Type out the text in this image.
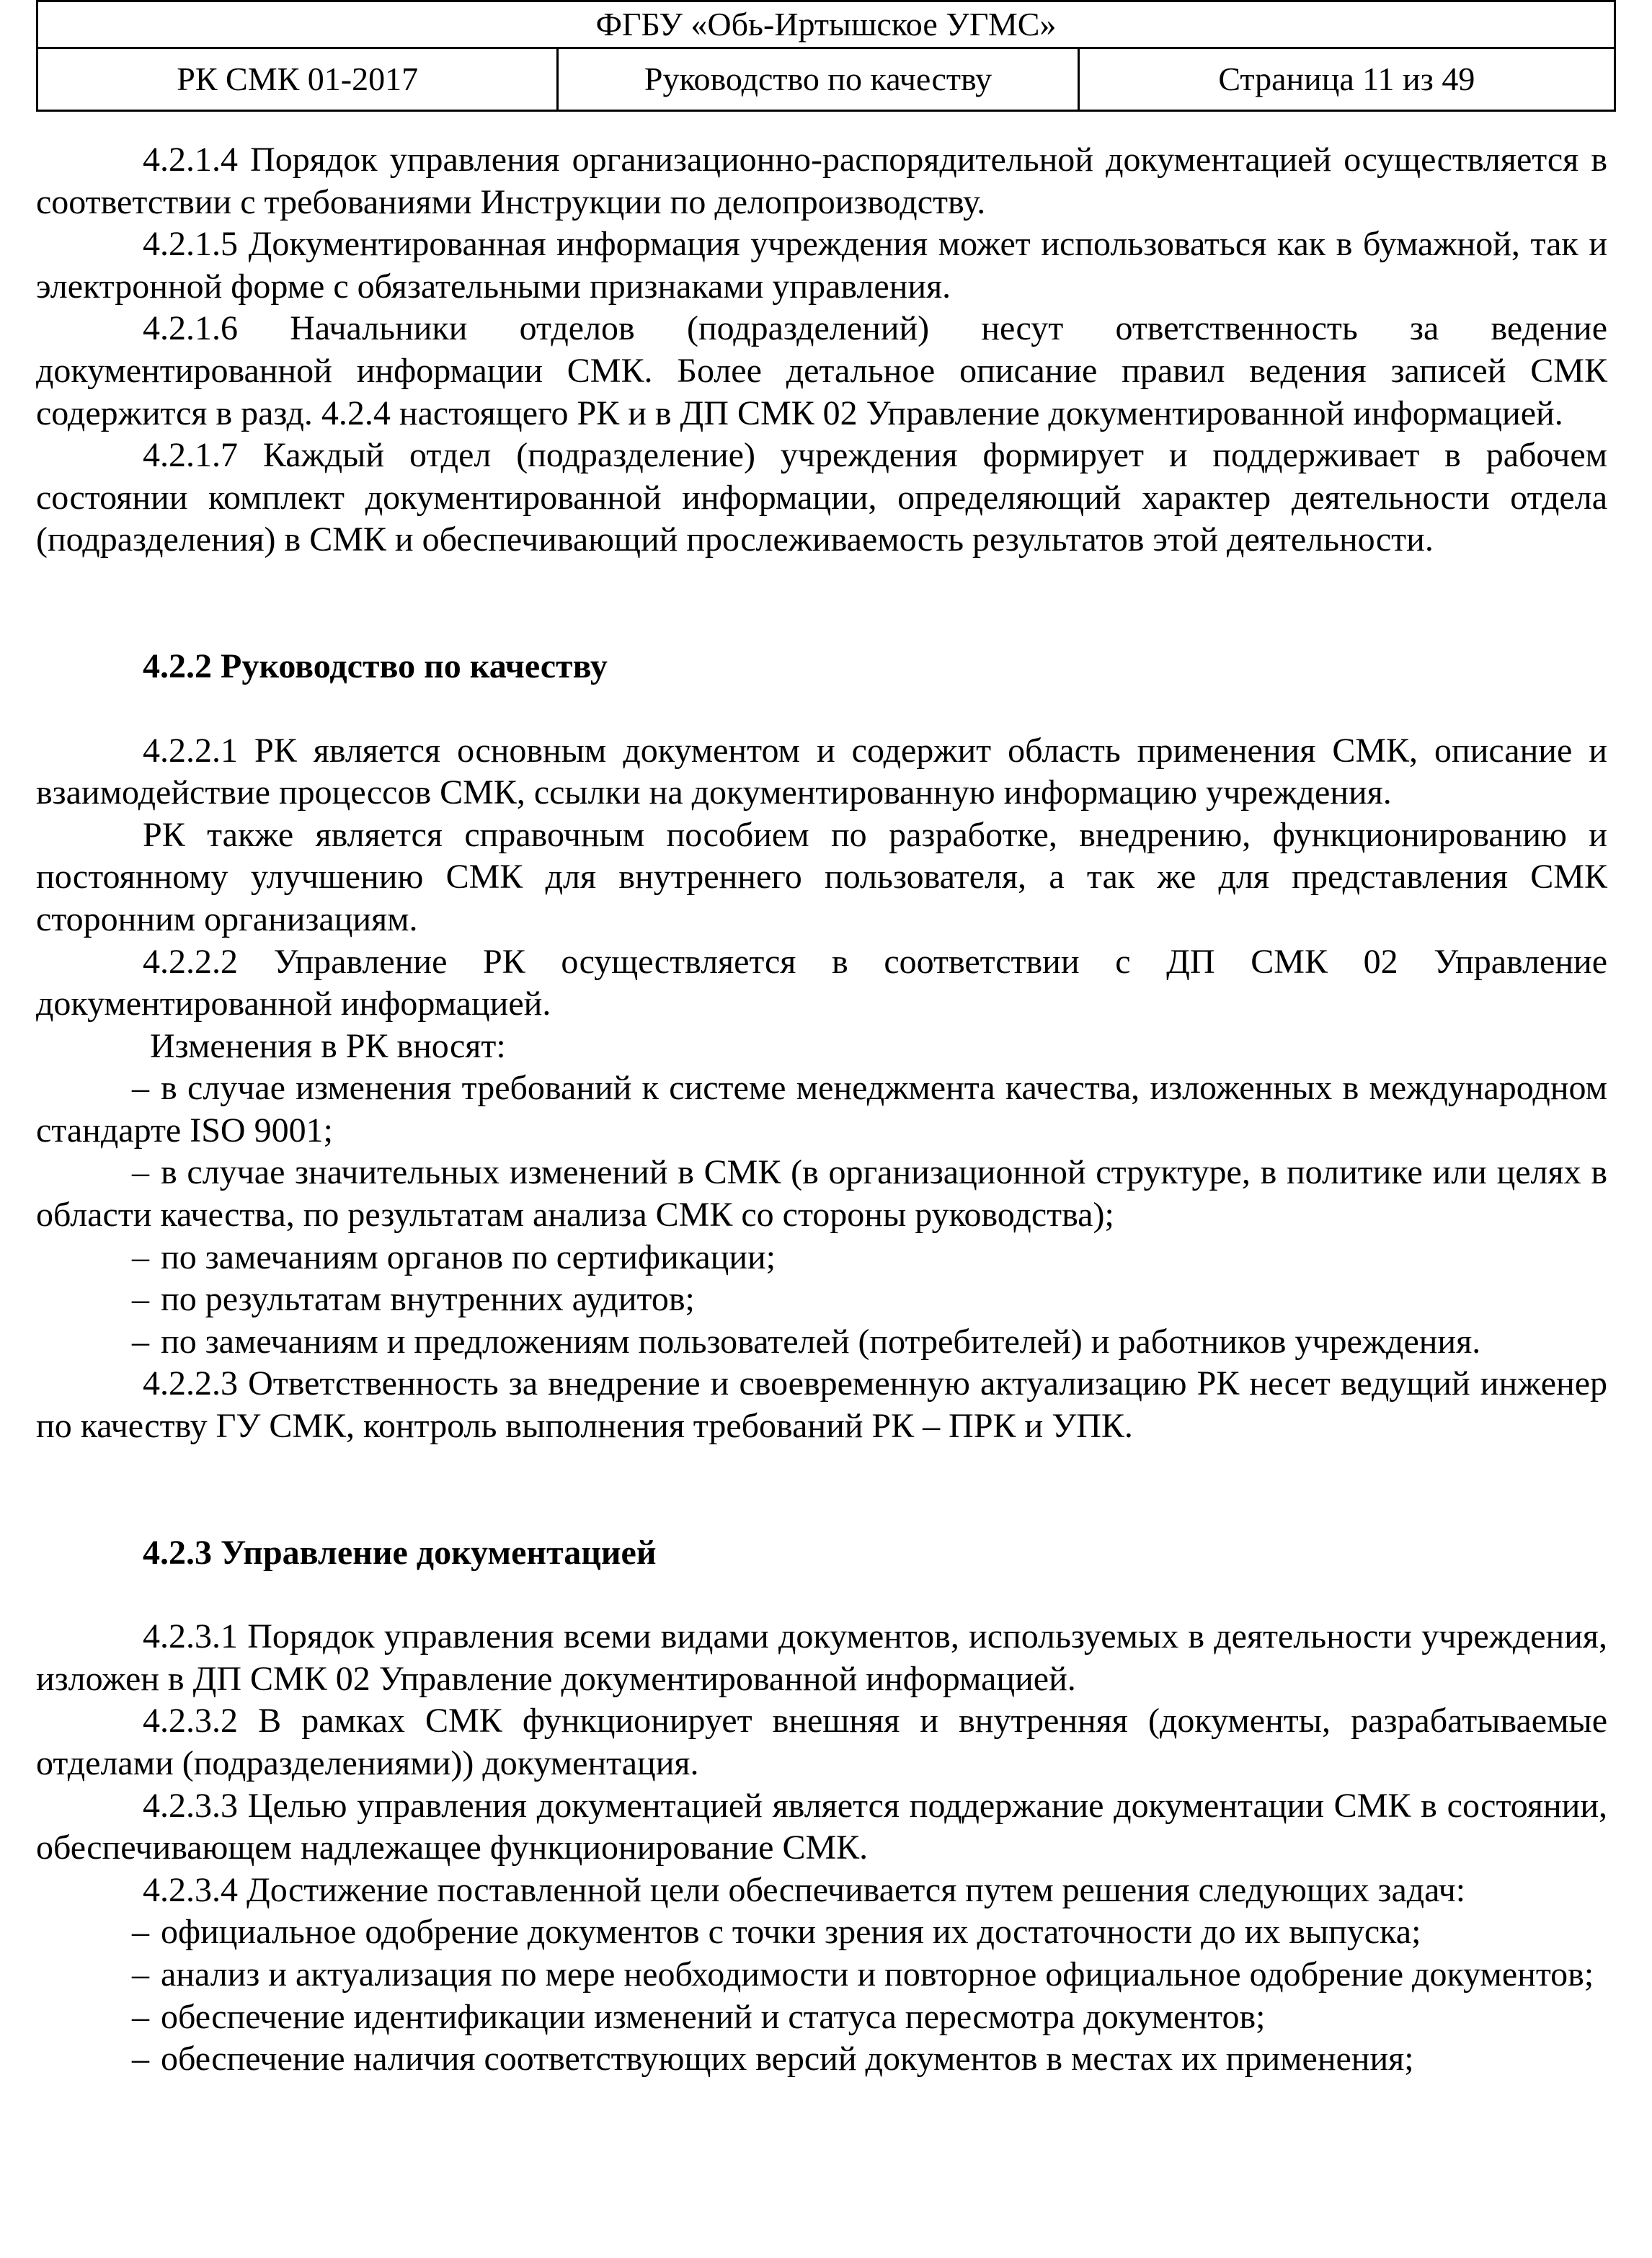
ФГБУ «Обь-Иртышское УГМС»
РК СМК 01-2017	Руководство по качеству	Страница 11 из 49

4.2.1.4 Порядок управления организационно-распорядительной документацией осуществляется в соответствии с требованиями Инструкции по делопроизводству.

4.2.1.5 Документированная информация учреждения может использоваться как в бумажной, так и электронной форме с обязательными признаками управления.

4.2.1.6 Начальники отделов (подразделений) несут ответственность за ведение документированной информации СМК. Более детальное описание правил ведения записей СМК содержится в разд. 4.2.4 настоящего РК и в ДП СМК 02 Управление документированной информацией.

4.2.1.7 Каждый отдел (подразделение) учреждения формирует и поддерживает в рабочем состоянии комплект документированной информации, определяющий характер деятельности отдела (подразделения) в СМК и обеспечивающий прослеживаемость результатов этой деятельности.

4.2.2 Руководство по качеству

4.2.2.1 РК является основным документом и содержит область применения СМК, описание и взаимодействие процессов СМК, ссылки на документированную информацию учреждения.

РК также является справочным пособием по разработке, внедрению, функционированию и постоянному улучшению СМК для внутреннего пользователя, а так же для представления СМК сторонним организациям.

4.2.2.2 Управление РК осуществляется в соответствии с ДП СМК 02 Управление документированной информацией.

Изменения в РК вносят:

– в случае изменения требований к системе менеджмента качества, изложенных в международном стандарте ISO 9001;

– в случае значительных изменений в СМК (в организационной структуре, в политике или целях в области качества, по результатам анализа СМК со стороны руководства);

– по замечаниям органов по сертификации;

– по результатам внутренних аудитов;

– по замечаниям и предложениям пользователей (потребителей) и работников учреждения.

4.2.2.3 Ответственность за внедрение и своевременную актуализацию РК несет ведущий инженер по качеству ГУ СМК, контроль выполнения требований РК – ПРК и УПК.

4.2.3 Управление документацией

4.2.3.1 Порядок управления всеми видами документов, используемых в деятельности учреждения, изложен в ДП СМК 02 Управление документированной информацией.

4.2.3.2 В рамках СМК функционирует внешняя и внутренняя (документы, разрабатываемые отделами (подразделениями)) документация.

4.2.3.3 Целью управления документацией является поддержание документации СМК в состоянии, обеспечивающем надлежащее функционирование СМК.

4.2.3.4 Достижение поставленной цели обеспечивается путем решения следующих задач:

– официальное одобрение документов с точки зрения их достаточности до их выпуска;

– анализ и актуализация по мере необходимости и повторное официальное одобрение документов;

– обеспечение идентификации изменений и статуса пересмотра документов;

– обеспечение наличия соответствующих версий документов в местах их применения;
